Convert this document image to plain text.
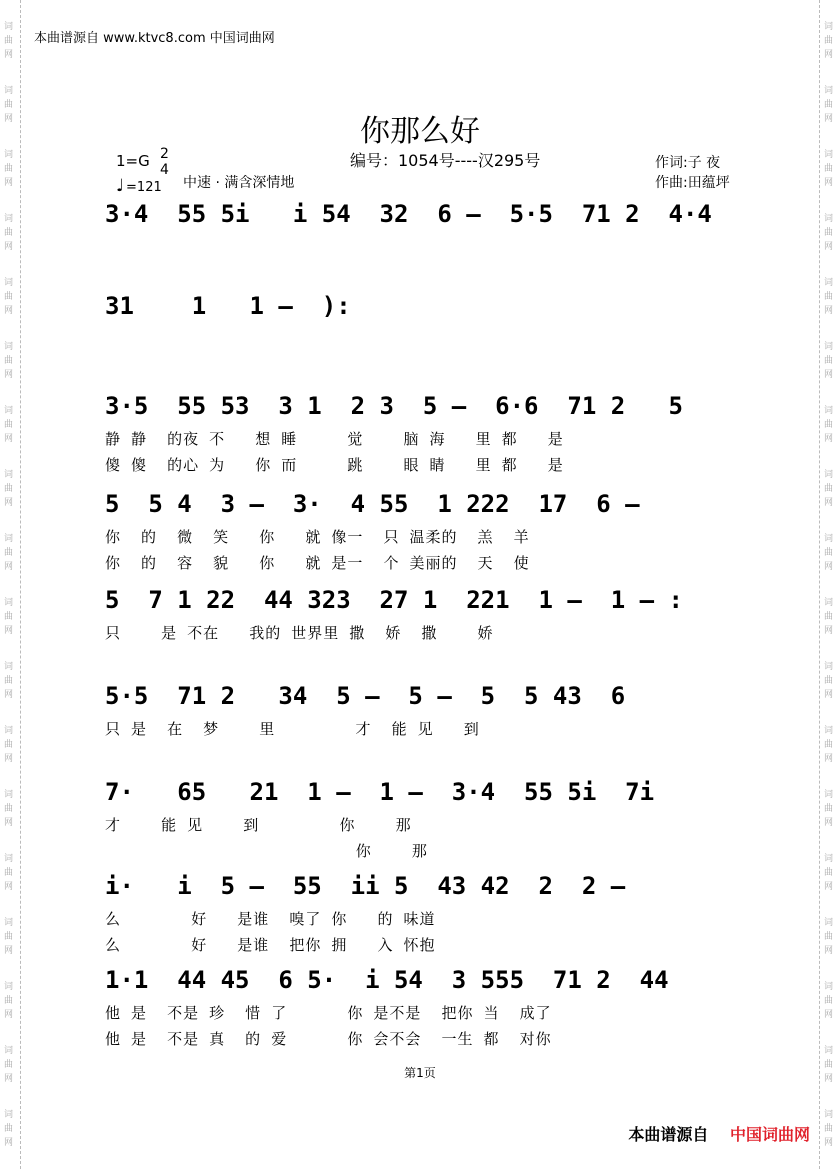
词
曲
网
词
曲
网
词
曲
网
词
曲
网
词
曲
网
词
曲
网
词
曲
网
词
曲
网
词
曲
网
词
曲
网
词
曲
网
词
曲
网
词
曲
网
词
曲
网
词
曲
网
词
曲
网
词
曲
网
词
曲
网
词
曲
网
词
曲
网
词
曲
网
词
曲
网
词
曲
网
词
曲
网
词
曲
网
词
曲
网
词
曲
网
词
曲
网
词
曲
网
词
曲
网
词
曲
网
词
曲
网
词
曲
网
词
曲
网
词
曲
网
词
曲
网
本曲谱源自 www.ktvc8.com 中国词曲网
你那么好
编号：1054号----汉295号
1=G 2
4
♩ =121 中速 · 满含深情地
作词:子 夜
作曲:田蕴坪
3·4  55 5i   i 54  32  6 —  5·5  71 2  4·4
31    1   1 —  ):
3·5  55 53  3 1  2 3  5 —  6·6  71 2   5
静 静  的夜 不   想 睡     觉    脑 海   里 都   是
傻 傻  的心 为   你 而     跳    眼 睛   里 都   是
5  5 4  3 —  3·  4 55  1 222  17  6 —
你  的  微  笑   你   就 像一  只 温柔的  羔  羊
你  的  容  貌   你   就 是一  个 美丽的  天  使
5  7 1 22  44 323  27 1  221  1 —  1 — :
只    是 不在   我的 世界里 撒  娇  撒    娇
5·5  71 2   34  5 —  5 —  5  5 43  6
只 是  在  梦    里        才  能 见   到
7·   65   21  1 —  1 —  3·4  55 5i  7i
才    能 见    到        你    那
你    那
i·   i  5 —  55  ii 5  43 42  2  2 —
么       好   是谁  嗅了 你   的 味道
么       好   是谁  把你 拥   入 怀抱
1·1  44 45  6 5·  i 54  3 555  71 2  44
他 是  不是 珍  惜 了      你 是不是  把你 当  成了
他 是  不是 真  的 爱      你 会不会  一生 都  对你
第1页
本曲谱源自 中国词曲网
